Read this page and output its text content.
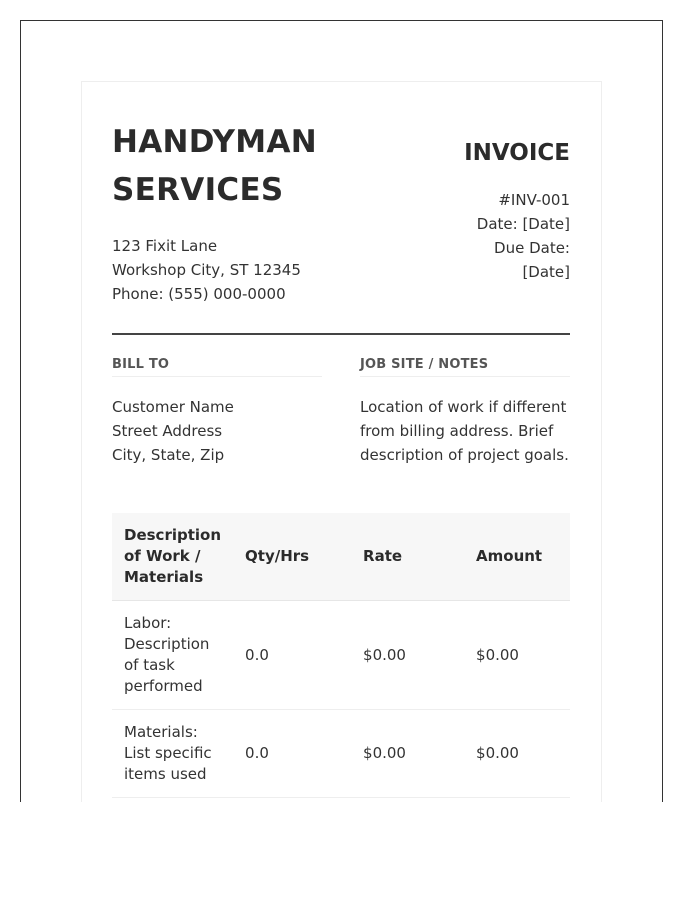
HANDYMAN SERVICES
123 Fixit Lane
Workshop City, ST 12345
Phone: (555) 000-0000
INVOICE
#INV-001
Date: [Date]
Due Date:
[Date]
BILL TO
Customer Name
Street Address
City, State, Zip
JOB SITE / NOTES
Location of work if different from billing address. Brief description of project goals.
Description of Work / Materials	Qty/Hrs	Rate	Amount
Labor: Description of task performed	0.0	$0.00	$0.00
Materials: List specific items used	0.0	$0.00	$0.00
